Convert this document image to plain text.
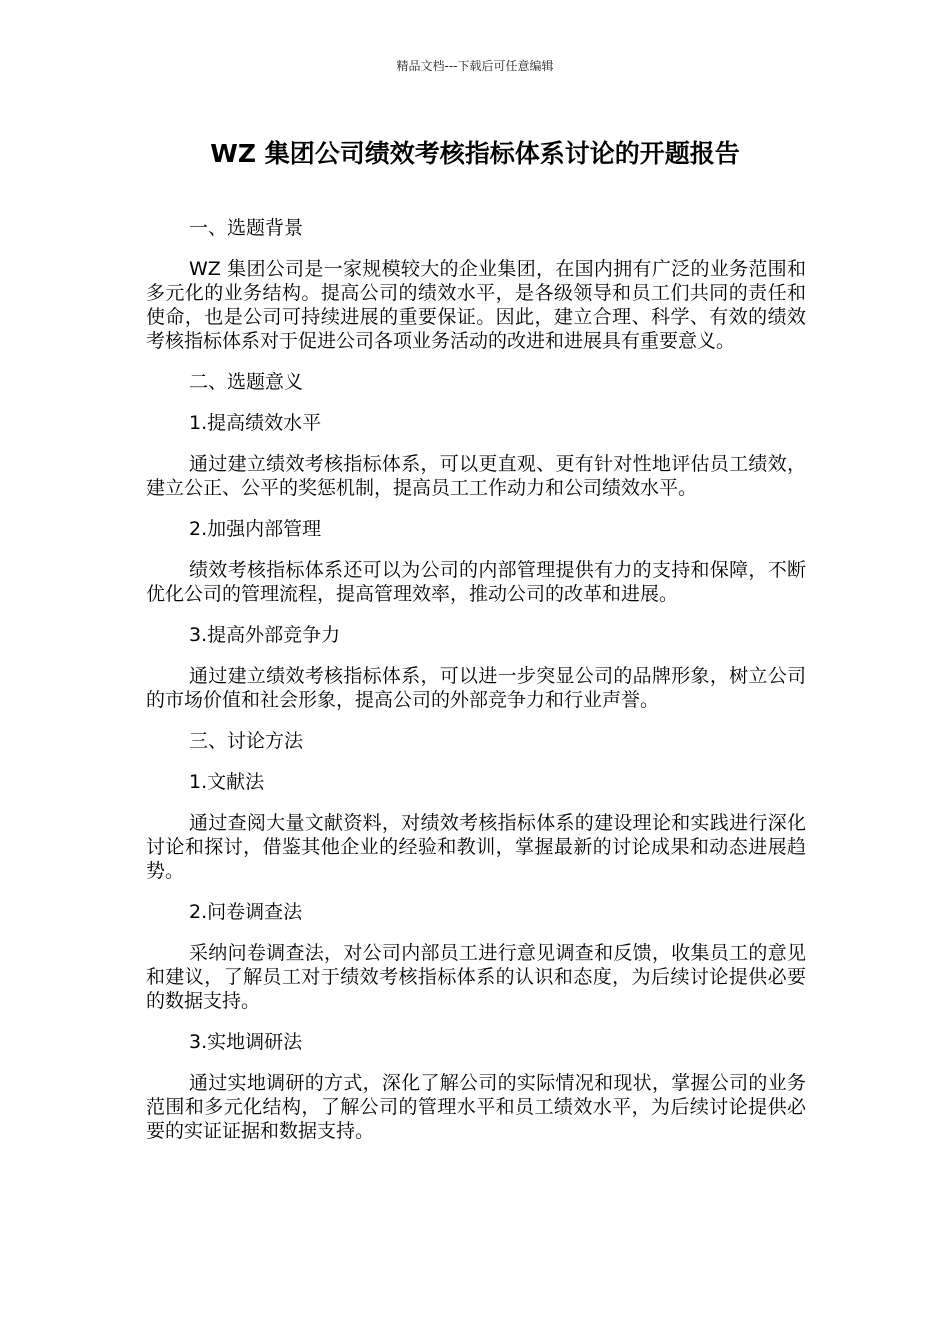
精品文档---下载后可任意编辑
WZ 集团公司绩效考核指标体系讨论的开题报告

一、选题背景

WZ 集团公司是一家规模较大的企业集团，在国内拥有广泛的业务范围和多元化的业务结构。提高公司的绩效水平，是各级领导和员工们共同的责任和使命，也是公司可持续进展的重要保证。因此，建立合理、科学、有效的绩效考核指标体系对于促进公司各项业务活动的改进和进展具有重要意义。

二、选题意义

1.提高绩效水平

通过建立绩效考核指标体系，可以更直观、更有针对性地评估员工绩效，建立公正、公平的奖惩机制，提高员工工作动力和公司绩效水平。

2.加强内部管理

绩效考核指标体系还可以为公司的内部管理提供有力的支持和保障，不断优化公司的管理流程，提高管理效率，推动公司的改革和进展。

3.提高外部竞争力

通过建立绩效考核指标体系，可以进一步突显公司的品牌形象，树立公司的市场价值和社会形象，提高公司的外部竞争力和行业声誉。

三、讨论方法

1.文献法

通过查阅大量文献资料，对绩效考核指标体系的建设理论和实践进行深化讨论和探讨，借鉴其他企业的经验和教训，掌握最新的讨论成果和动态进展趋势。

2.问卷调查法

采纳问卷调查法，对公司内部员工进行意见调查和反馈，收集员工的意见和建议，了解员工对于绩效考核指标体系的认识和态度，为后续讨论提供必要的数据支持。

3.实地调研法

通过实地调研的方式，深化了解公司的实际情况和现状，掌握公司的业务范围和多元化结构，了解公司的管理水平和员工绩效水平，为后续讨论提供必要的实证证据和数据支持。
